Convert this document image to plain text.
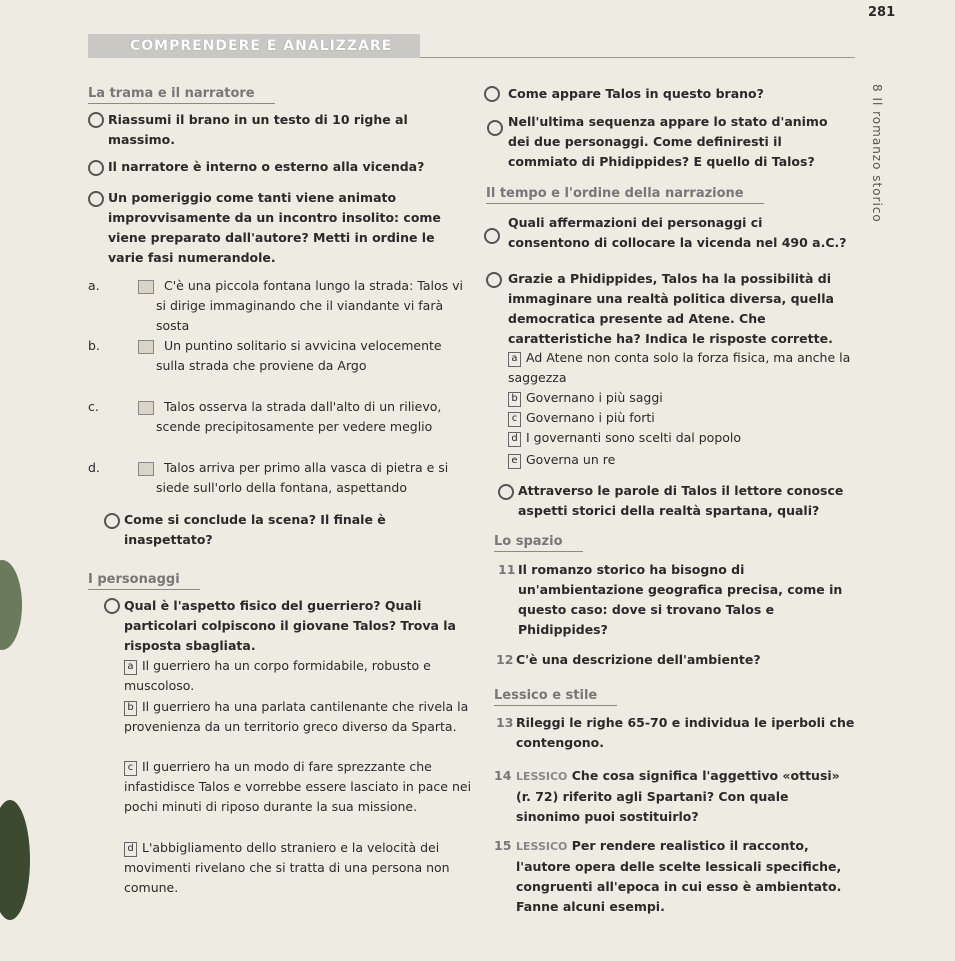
281
COMPRENDERE E ANALIZZARE
8 Il romanzo storico
La trama e il narratore
Riassumi il brano in un testo di 10 righe al massimo.
Il narratore è interno o esterno alla vicenda?
Un pomeriggio come tanti viene animato improvvisamente da un incontro insolito: come viene preparato dall'autore? Metti in ordine le varie fasi numerandole.
a.	C'è una piccola fontana lungo la strada: Talos vi si dirige immaginando che il viandante vi farà sosta
b.	Un puntino solitario si avvicina velocemente sulla strada che proviene da Argo
c.	Talos osserva la strada dall'alto di un rilievo, scende precipitosamente per vedere meglio
d.	Talos arriva per primo alla vasca di pietra e si siede sull'orlo della fontana, aspettando
Come si conclude la scena? Il finale è inaspettato?
I personaggi
Qual è l'aspetto fisico del guerriero? Quali particolari colpiscono il giovane Talos? Trova la risposta sbagliata.
a Il guerriero ha un corpo formidabile, robusto e muscoloso.
b Il guerriero ha una parlata cantilenante che rivela la provenienza da un territorio greco diverso da Sparta.
c Il guerriero ha un modo di fare sprezzante che infastidisce Talos e vorrebbe essere lasciato in pace nei pochi minuti di riposo durante la sua missione.
d L'abbigliamento dello straniero e la velocità dei movimenti rivelano che si tratta di una persona non comune.
Come appare Talos in questo brano?
Nell'ultima sequenza appare lo stato d'animo dei due personaggi. Come definiresti il commiato di Phidippides? E quello di Talos?
Il tempo e l'ordine della narrazione
Quali affermazioni dei personaggi ci consentono di collocare la vicenda nel 490 a.C.?
Grazie a Phidippides, Talos ha la possibilità di immaginare una realtà politica diversa, quella democratica presente ad Atene. Che caratteristiche ha? Indica le risposte corrette.
a Ad Atene non conta solo la forza fisica, ma anche la saggezza
b Governano i più saggi
c Governano i più forti
d I governanti sono scelti dal popolo
e Governa un re
Attraverso le parole di Talos il lettore conosce aspetti storici della realtà spartana, quali?
Lo spazio
11 Il romanzo storico ha bisogno di un'ambientazione geografica precisa, come in questo caso: dove si trovano Talos e Phidippides?
12 C'è una descrizione dell'ambiente?
Lessico e stile
13 Rileggi le righe 65-70 e individua le iperboli che contengono.
14 LESSICO Che cosa significa l'aggettivo «ottusi» (r. 72) riferito agli Spartani? Con quale sinonimo puoi sostituirlo?
15 LESSICO Per rendere realistico il racconto, l'autore opera delle scelte lessicali specifiche, congruenti all'epoca in cui esso è ambientato. Fanne alcuni esempi.
